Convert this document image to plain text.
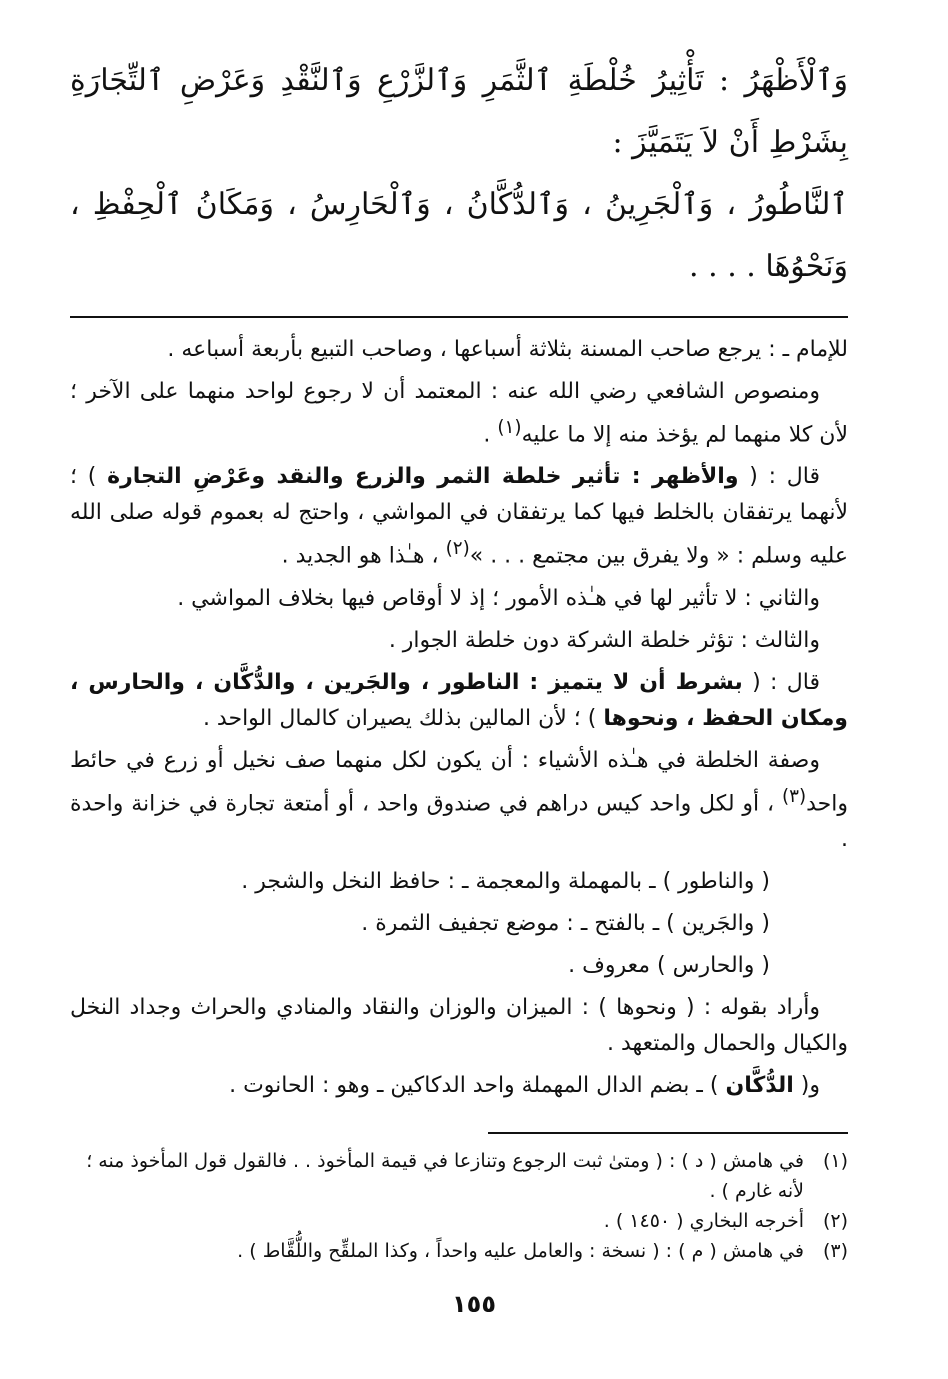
وَٱلْأَظْهَرُ : تَأْثِيرُ خُلْطَةِ ٱلثَّمَرِ وَٱلزَّرْعِ وَٱلنَّقْدِ وَعَرْضِ ٱلتِّجَارَةِ بِشَرْطِ أَنْ لاَ يَتَمَيَّزَ :
ٱلنَّاطُورُ ، وَٱلْجَرِينُ ، وَٱلدُّكَّانُ ، وَٱلْحَارِسُ ، وَمَكَانُ ٱلْحِفْظِ ، وَنَحْوُهَا . . . .

للإمام ـ : يرجع صاحب المسنة بثلاثة أسباعها ، وصاحب التبيع بأربعة أسباعه .

ومنصوص الشافعي رضي الله عنه : المعتمد أن لا رجوع لواحد منهما على الآخر ؛ لأن كلا منهما لم يؤخذ منه إلا ما عليه$^{(١)}$ .

قال : ( والأظهر : تأثير خلطة الثمر والزرع والنقد وعَرْضِ التجارة ) ؛ لأنهما يرتفقان بالخلط فيها كما يرتفقان في المواشي ، واحتج له بعموم قوله صلى الله عليه وسلم : « ولا يفرق بين مجتمع . . . »$^{(٢)}$ ، هـٰذا هو الجديد .

والثاني : لا تأثير لها في هـٰذه الأمور ؛ إذ لا أوقاص فيها بخلاف المواشي .

والثالث : تؤثر خلطة الشركة دون خلطة الجوار .

قال : ( بشرط أن لا يتميز : الناطور ، والجَرين ، والدُّكَّان ، والحارس ، ومكان الحفظ ، ونحوها ) ؛ لأن المالين بذلك يصيران كالمال الواحد .

وصفة الخلطة في هـٰذه الأشياء : أن يكون لكل منهما صف نخيل أو زرع في حائط واحد$^{(٣)}$ ، أو لكل واحد كيس دراهم في صندوق واحد ، أو أمتعة تجارة في خزانة واحدة .

( والناطور ) ـ بالمهملة والمعجمة ـ : حافظ النخل والشجر .

( والجَرين ) ـ بالفتح ـ : موضع تجفيف الثمرة .

( والحارس ) معروف .

وأراد بقوله : ( ونحوها ) : الميزان والوزان والنقاد والمنادي والحراث وجداد النخل والكيال والحمال والمتعهد .

و( الدُّكَّان ) ـ بضم الدال المهملة واحد الدكاكين ـ وهو : الحانوت .

(١)
في هامش ( د ) : ( ومتىٰ ثبت الرجوع وتنازعا في قيمة المأخوذ . . فالقول قول المأخوذ منه ؛ لأنه غارم ) .
(٢)
أخرجه البخاري ( ١٤٥٠ ) .
(٣)
في هامش ( م ) : ( نسخة : والعامل عليه واحداً ، وكذا الملقِّح واللُّقَّاط ) .
١٥٥
